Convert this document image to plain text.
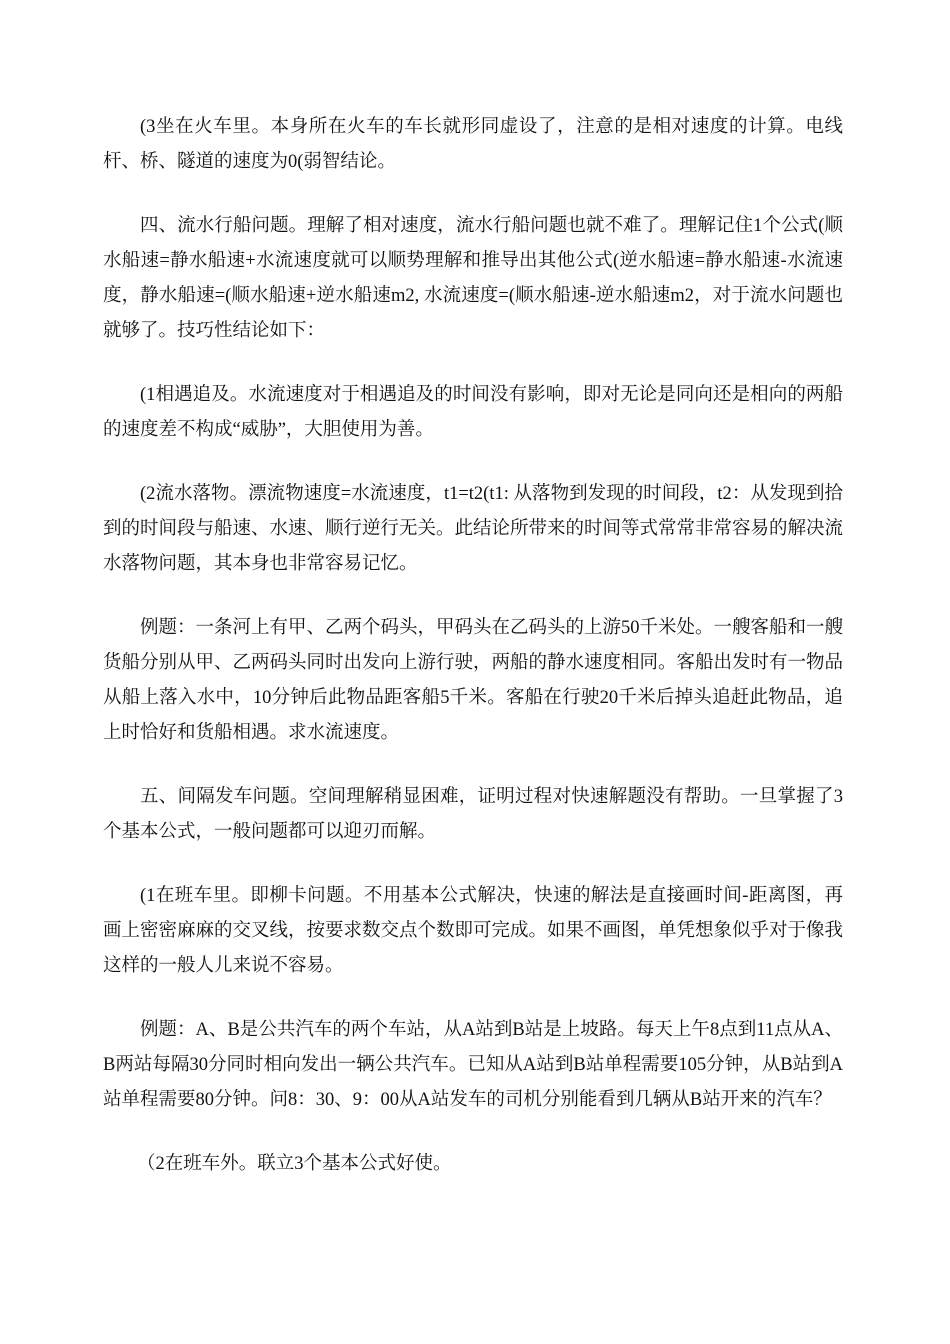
(3坐在火车里。本身所在火车的车长就形同虚设了，注意的是相对速度的计算。电线杆、桥、隧道的速度为0(弱智结论。

四、流水行船问题。理解了相对速度，流水行船问题也就不难了。理解记住1个公式(顺水船速=静水船速+水流速度就可以顺势理解和推导出其他公式(逆水船速=静水船速-水流速度，静水船速=(顺水船速+逆水船速m2, 水流速度=(顺水船速-逆水船速m2，对于流水问题也就够了。技巧性结论如下：

(1相遇追及。水流速度对于相遇追及的时间没有影响，即对无论是同向还是相向的两船的速度差不构成“威胁”，大胆使用为善。

(2流水落物。漂流物速度=水流速度，t1=t2(t1: 从落物到发现的时间段，t2：从发现到拾到的时间段与船速、水速、顺行逆行无关。此结论所带来的时间等式常常非常容易的解决流水落物问题，其本身也非常容易记忆。

例题：一条河上有甲、乙两个码头，甲码头在乙码头的上游50千米处。一艘客船和一艘货船分别从甲、乙两码头同时出发向上游行驶，两船的静水速度相同。客船出发时有一物品从船上落入水中，10分钟后此物品距客船5千米。客船在行驶20千米后掉头追赶此物品，追上时恰好和货船相遇。求水流速度。

五、间隔发车问题。空间理解稍显困难，证明过程对快速解题没有帮助。一旦掌握了3个基本公式，一般问题都可以迎刃而解。

(1在班车里。即柳卡问题。不用基本公式解决，快速的解法是直接画时间-距离图，再画上密密麻麻的交叉线，按要求数交点个数即可完成。如果不画图，单凭想象似乎对于像我这样的一般人儿来说不容易。

例题：A、B是公共汽车的两个车站，从A站到B站是上坡路。每天上午8点到11点从A、B两站每隔30分同时相向发出一辆公共汽车。已知从A站到B站单程需要105分钟，从B站到A站单程需要80分钟。问8：30、9：00从A站发车的司机分别能看到几辆从B站开来的汽车？

（2在班车外。联立3个基本公式好使。
